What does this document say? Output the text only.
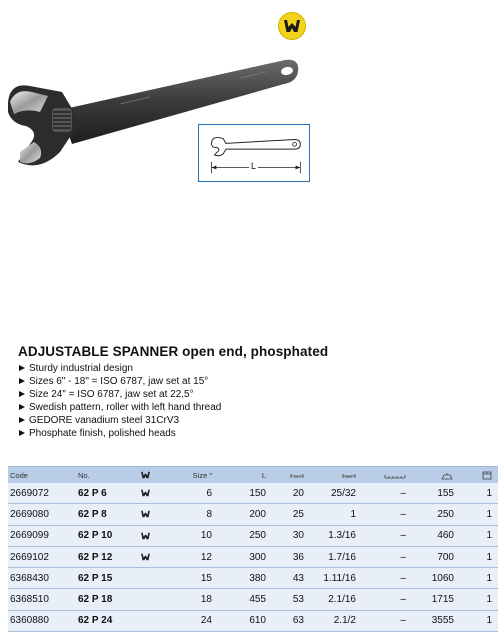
L
ADJUSTABLE SPANNER open end, phosphated
Sturdy industrial design
Sizes 6" - 18" = ISO 6787, jaw set at 15°
Size 24" = ISO 6787, jaw set at 22,5°
Swedish pattern, roller with left hand thread
GEDORE vanadium steel 31CrV3
Phosphate finish, polished heads
Code	No.	Size "	L	mm	inch
2669072	62 P 6	6	150	20	25/32	–	155	1
2669080	62 P 8	8	200	25	1	–	250	1
2669099	62 P 10	10	250	30	1.3/16	–	460	1
2669102	62 P 12	12	300	36	1.7/16	–	700	1
6368430	62 P 15	15	380	43	1.11/16	–	1060	1
6368510	62 P 18	18	455	53	2.1/16	–	1715	1
6360880	62 P 24	24	610	63	2.1/2	–	3555	1
